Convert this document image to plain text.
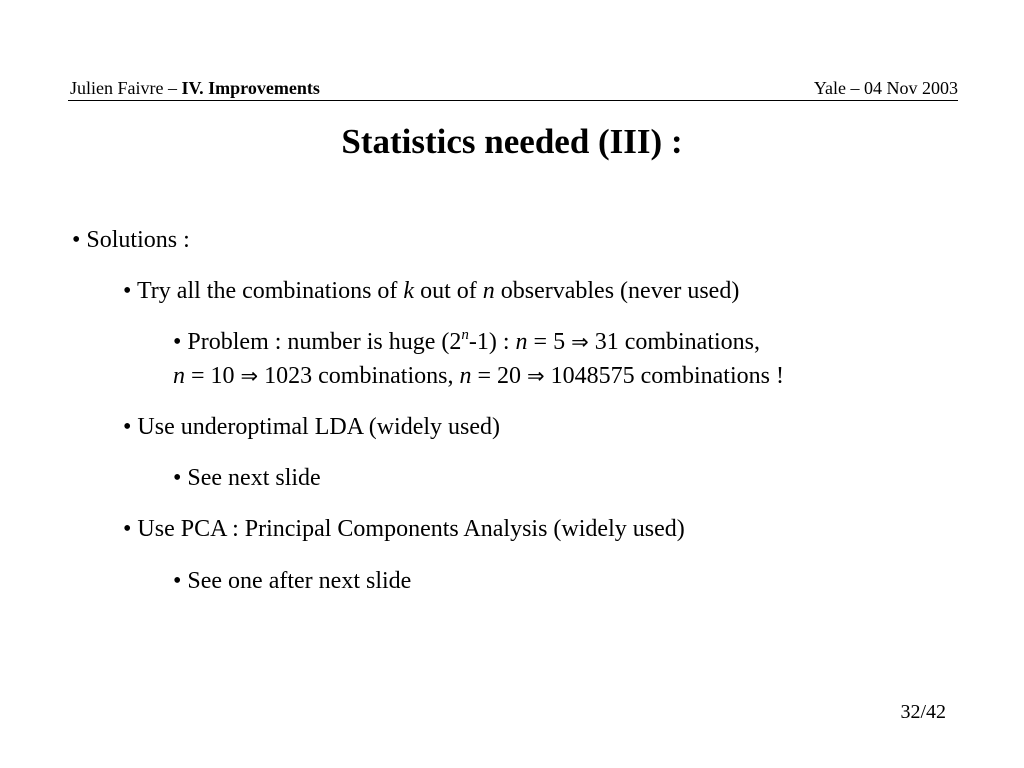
Julien Faivre – IV. Improvements	Yale – 04 Nov 2003
Statistics needed (III) :
• Solutions :
• Try all the combinations of k out of n observables (never used)
• Problem : number is huge (2$^n$-1) : n = 5 ⇒ 31 combinations,
n = 10 ⇒ 1023 combinations, n = 20 ⇒ 1048575 combinations !
• Use underoptimal LDA (widely used)
• See next slide
• Use PCA : Principal Components Analysis (widely used)
• See one after next slide
32/42
